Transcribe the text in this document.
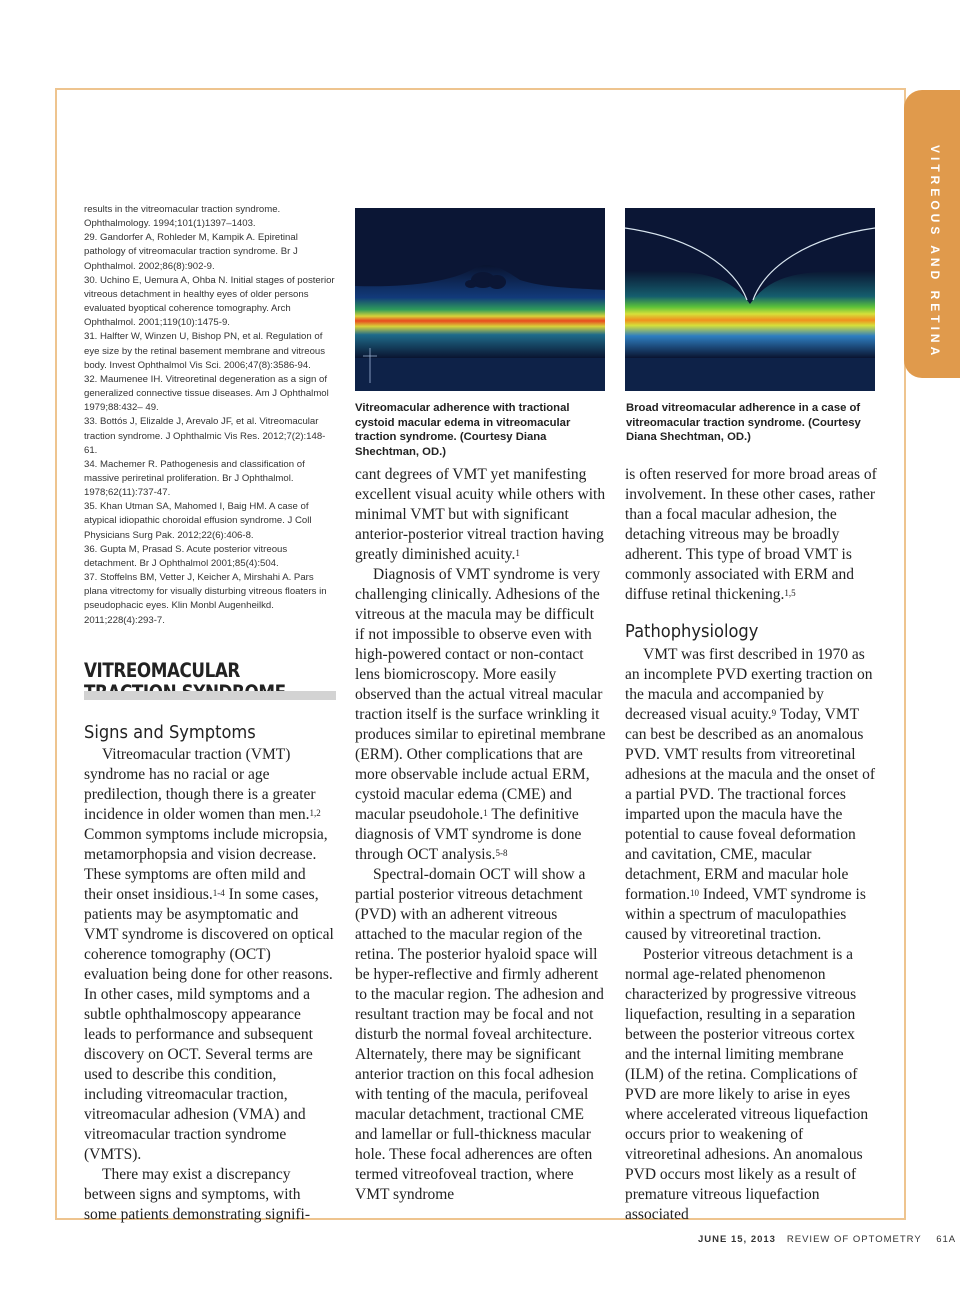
VITREOUS AND RETINA

results in the vitreomacular traction syndrome. Ophthalmology. 1994;101(1)1397–1403.

29. Gandorfer A, Rohleder M, Kampik A. Epiretinal pathology of vitreomacular traction syndrome. Br J Ophthalmol. 2002;86(8):902-9.

30. Uchino E, Uemura A, Ohba N. Initial stages of posterior vitreous detachment in healthy eyes of older persons evaluated byoptical coherence tomography. Arch Ophthalmol. 2001;119(10):1475-9.

31. Halfter W, Winzen U, Bishop PN, et al. Regulation of eye size by the retinal basement membrane and vitreous body. Invest Ophthalmol Vis Sci. 2006;47(8):3586-94.

32. Maumenee IH. Vitreoretinal degeneration as a sign of generalized connective tissue diseases. Am J Ophthalmol 1979;88:432– 49.

33. Bottós J, Elizalde J, Arevalo JF, et al. Vitreomacular traction syndrome. J Ophthalmic Vis Res. 2012;7(2):148-61.

34. Machemer R. Pathogenesis and classification of massive periretinal proliferation. Br J Ophthalmol. 1978;62(11):737-47.

35. Khan Utman SA, Mahomed I, Baig HM. A case of atypical idiopathic choroidal effusion syndrome. J Coll Physicians Surg Pak. 2012;22(6):406-8.

36. Gupta M, Prasad S. Acute posterior vitreous detachment. Br J Ophthalmol 2001;85(4):504.

37. Stoffelns BM, Vetter J, Keicher A, Mirshahi A. Pars plana vitrectomy for visually disturbing vitreous floaters in pseudophacic eyes. Klin Monbl Augenheilkd. 2011;228(4):293-7.

VITREOMACULAR
Signs and Symptoms

Vitreomacular traction (VMT) syndrome has no racial or age predilection, though there is a greater incidence in older women than men.$^{1,2}$ Common symptoms include micropsia, metamorphopsia and vision decrease. These symptoms are often mild and their onset insidious.$^{1-4}$ In some cases, patients may be asymptomatic and VMT syndrome is discovered on optical coherence tomography (OCT) evaluation being done for other reasons. In other cases, mild symptoms and a subtle ophthalmoscopy appearance leads to performance and subsequent discovery on OCT. Several terms are used to describe this condition, including vitreomacular traction, vitreomacular adhesion (VMA) and vitreomacular traction syndrome (VMTS).

There may exist a discrepancy between signs and symptoms, with some patients demonstrating signifi-

Vitreomacular adherence with tractional cystoid macular edema in vitreomacular traction syndrome. (Courtesy Diana Shechtman, OD.)
Broad vitreomacular adherence in a case of vitreomacular traction syndrome. (Courtesy Diana Shechtman, OD.)

cant degrees of VMT yet manifesting excellent visual acuity while others with minimal VMT but with significant anterior-posterior vitreal traction having greatly diminished acuity.$^1$

Diagnosis of VMT syndrome is very challenging clinically. Adhesions of the vitreous at the macula may be difficult if not impossible to observe even with high-powered contact or non-contact lens biomicroscopy. More easily observed than the actual vitreal macular traction itself is the surface wrinkling it produces similar to epiretinal membrane (ERM). Other complications that are more observable include actual ERM, cystoid macular edema (CME) and macular pseudohole.$^1$ The definitive diagnosis of VMT syndrome is done through OCT analysis.$^{5-8}$

Spectral-domain OCT will show a partial posterior vitreous detachment (PVD) with an adherent vitreous attached to the macular region of the retina. The posterior hyaloid space will be hyper-reflective and firmly adherent to the macular region. The adhesion and resultant traction may be focal and not disturb the normal foveal architecture. Alternately, there may be significant anterior traction on this focal adhesion with tenting of the macula, perifoveal macular detachment, tractional CME and lamellar or full-thickness macular hole. These focal adherences are often termed vitreofoveal traction, where VMT syndrome

is often reserved for more broad areas of involvement. In these other cases, rather than a focal macular adhesion, the detaching vitreous may be broadly adherent. This type of broad VMT is commonly associated with ERM and diffuse retinal thickening.$^{1,5}$

Pathophysiology

VMT was first described in 1970 as an incomplete PVD exerting traction on the macula and accompanied by decreased visual acuity.$^9$ Today, VMT can best be described as an anomalous PVD. VMT results from vitreoretinal adhesions at the macula and the onset of a partial PVD. The tractional forces imparted upon the macula have the potential to cause foveal deformation and cavitation, CME, macular detachment, ERM and macular hole formation.$^{10}$ Indeed, VMT syndrome is within a spectrum of maculopathies caused by vitreoretinal traction.

Posterior vitreous detachment is a normal age-related phenomenon characterized by progressive vitreous liquefaction, resulting in a separation between the posterior vitreous cortex and the internal limiting membrane (ILM) of the retina. Complications of PVD are more likely to arise in eyes where accelerated vitreous liquefaction occurs prior to weakening of vitreoretinal adhesions. An anomalous PVD occurs most likely as a result of premature vitreous liquefaction associated

JUNE 15, 2013 REVIEW OF OPTOMETRY 61A
